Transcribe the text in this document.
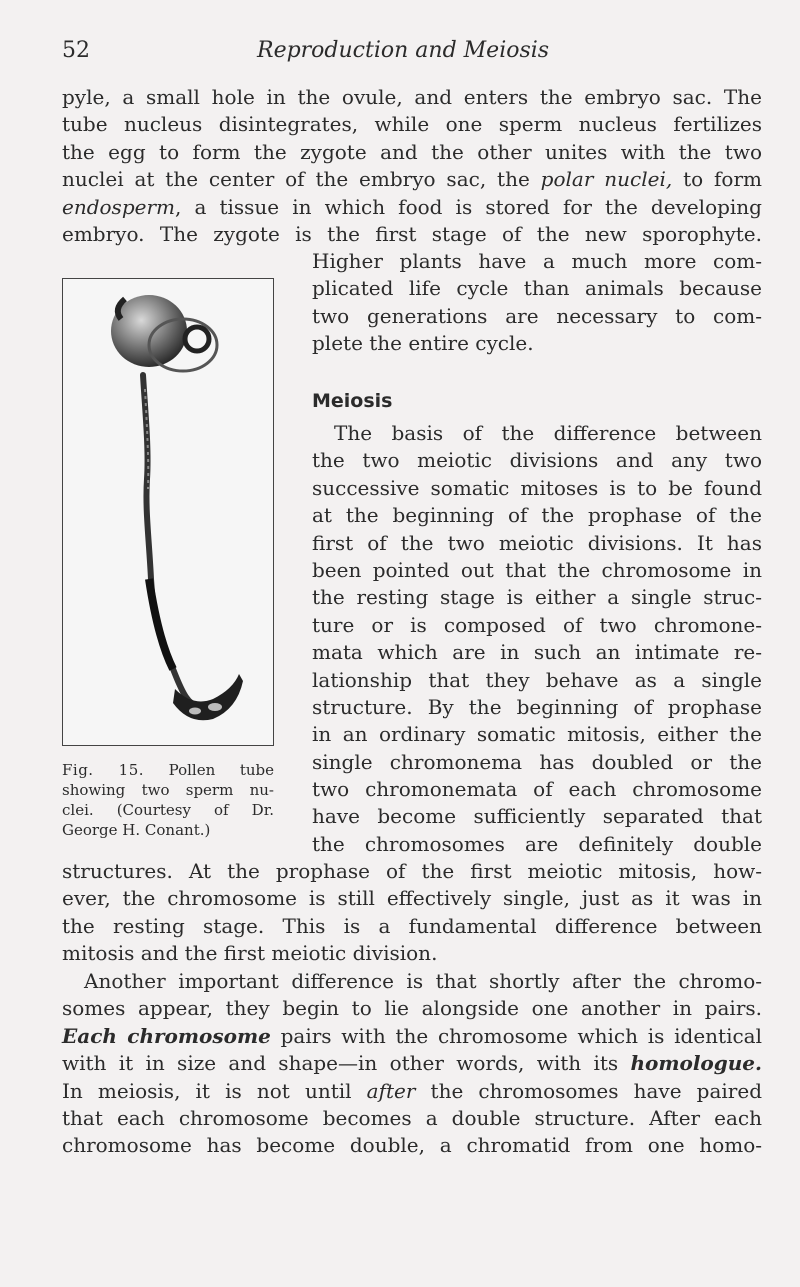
52	Reproduction and Meiosis
pyle, a small hole in the ovule, and enters the embryo sac. The
tube nucleus disintegrates, while one sperm nucleus fertilizes
the egg to form the zygote and the other unites with the two
nuclei at the center of the embryo sac, the polar nuclei, to form
endosperm, a tissue in which food is stored for the developing
embryo. The zygote is the first stage of the new sporophyte.
Higher plants have a much more com-
plicated life cycle than animals because
two generations are necessary to com-
plete the entire cycle.
Meiosis
The basis of the difference between
the two meiotic divisions and any two
successive somatic mitoses is to be found
at the beginning of the prophase of the
first of the two meiotic divisions. It has
been pointed out that the chromosome in
the resting stage is either a single struc-
ture or is composed of two chromone-
mata which are in such an intimate re-
lationship that they behave as a single
structure. By the beginning of prophase
in an ordinary somatic mitosis, either the
single chromonema has doubled or the
two chromonemata of each chromosome
have become sufficiently separated that
the chromosomes are definitely double
structures. At the prophase of the first meiotic mitosis, how-
ever, the chromosome is still effectively single, just as it was in
the resting stage. This is a fundamental difference between
mitosis and the first meiotic division.
Another important difference is that shortly after the chromo-
somes appear, they begin to lie alongside one another in pairs.
Each chromosome pairs with the chromosome which is identical
with it in size and shape—in other words, with its homologue.
In meiosis, it is not until after the chromosomes have paired
that each chromosome becomes a double structure. After each
chromosome has become double, a chromatid from one homo-
Fig. 15. Pollen tube
showing two sperm nu-
clei. (Courtesy of Dr.
George H. Conant.)
